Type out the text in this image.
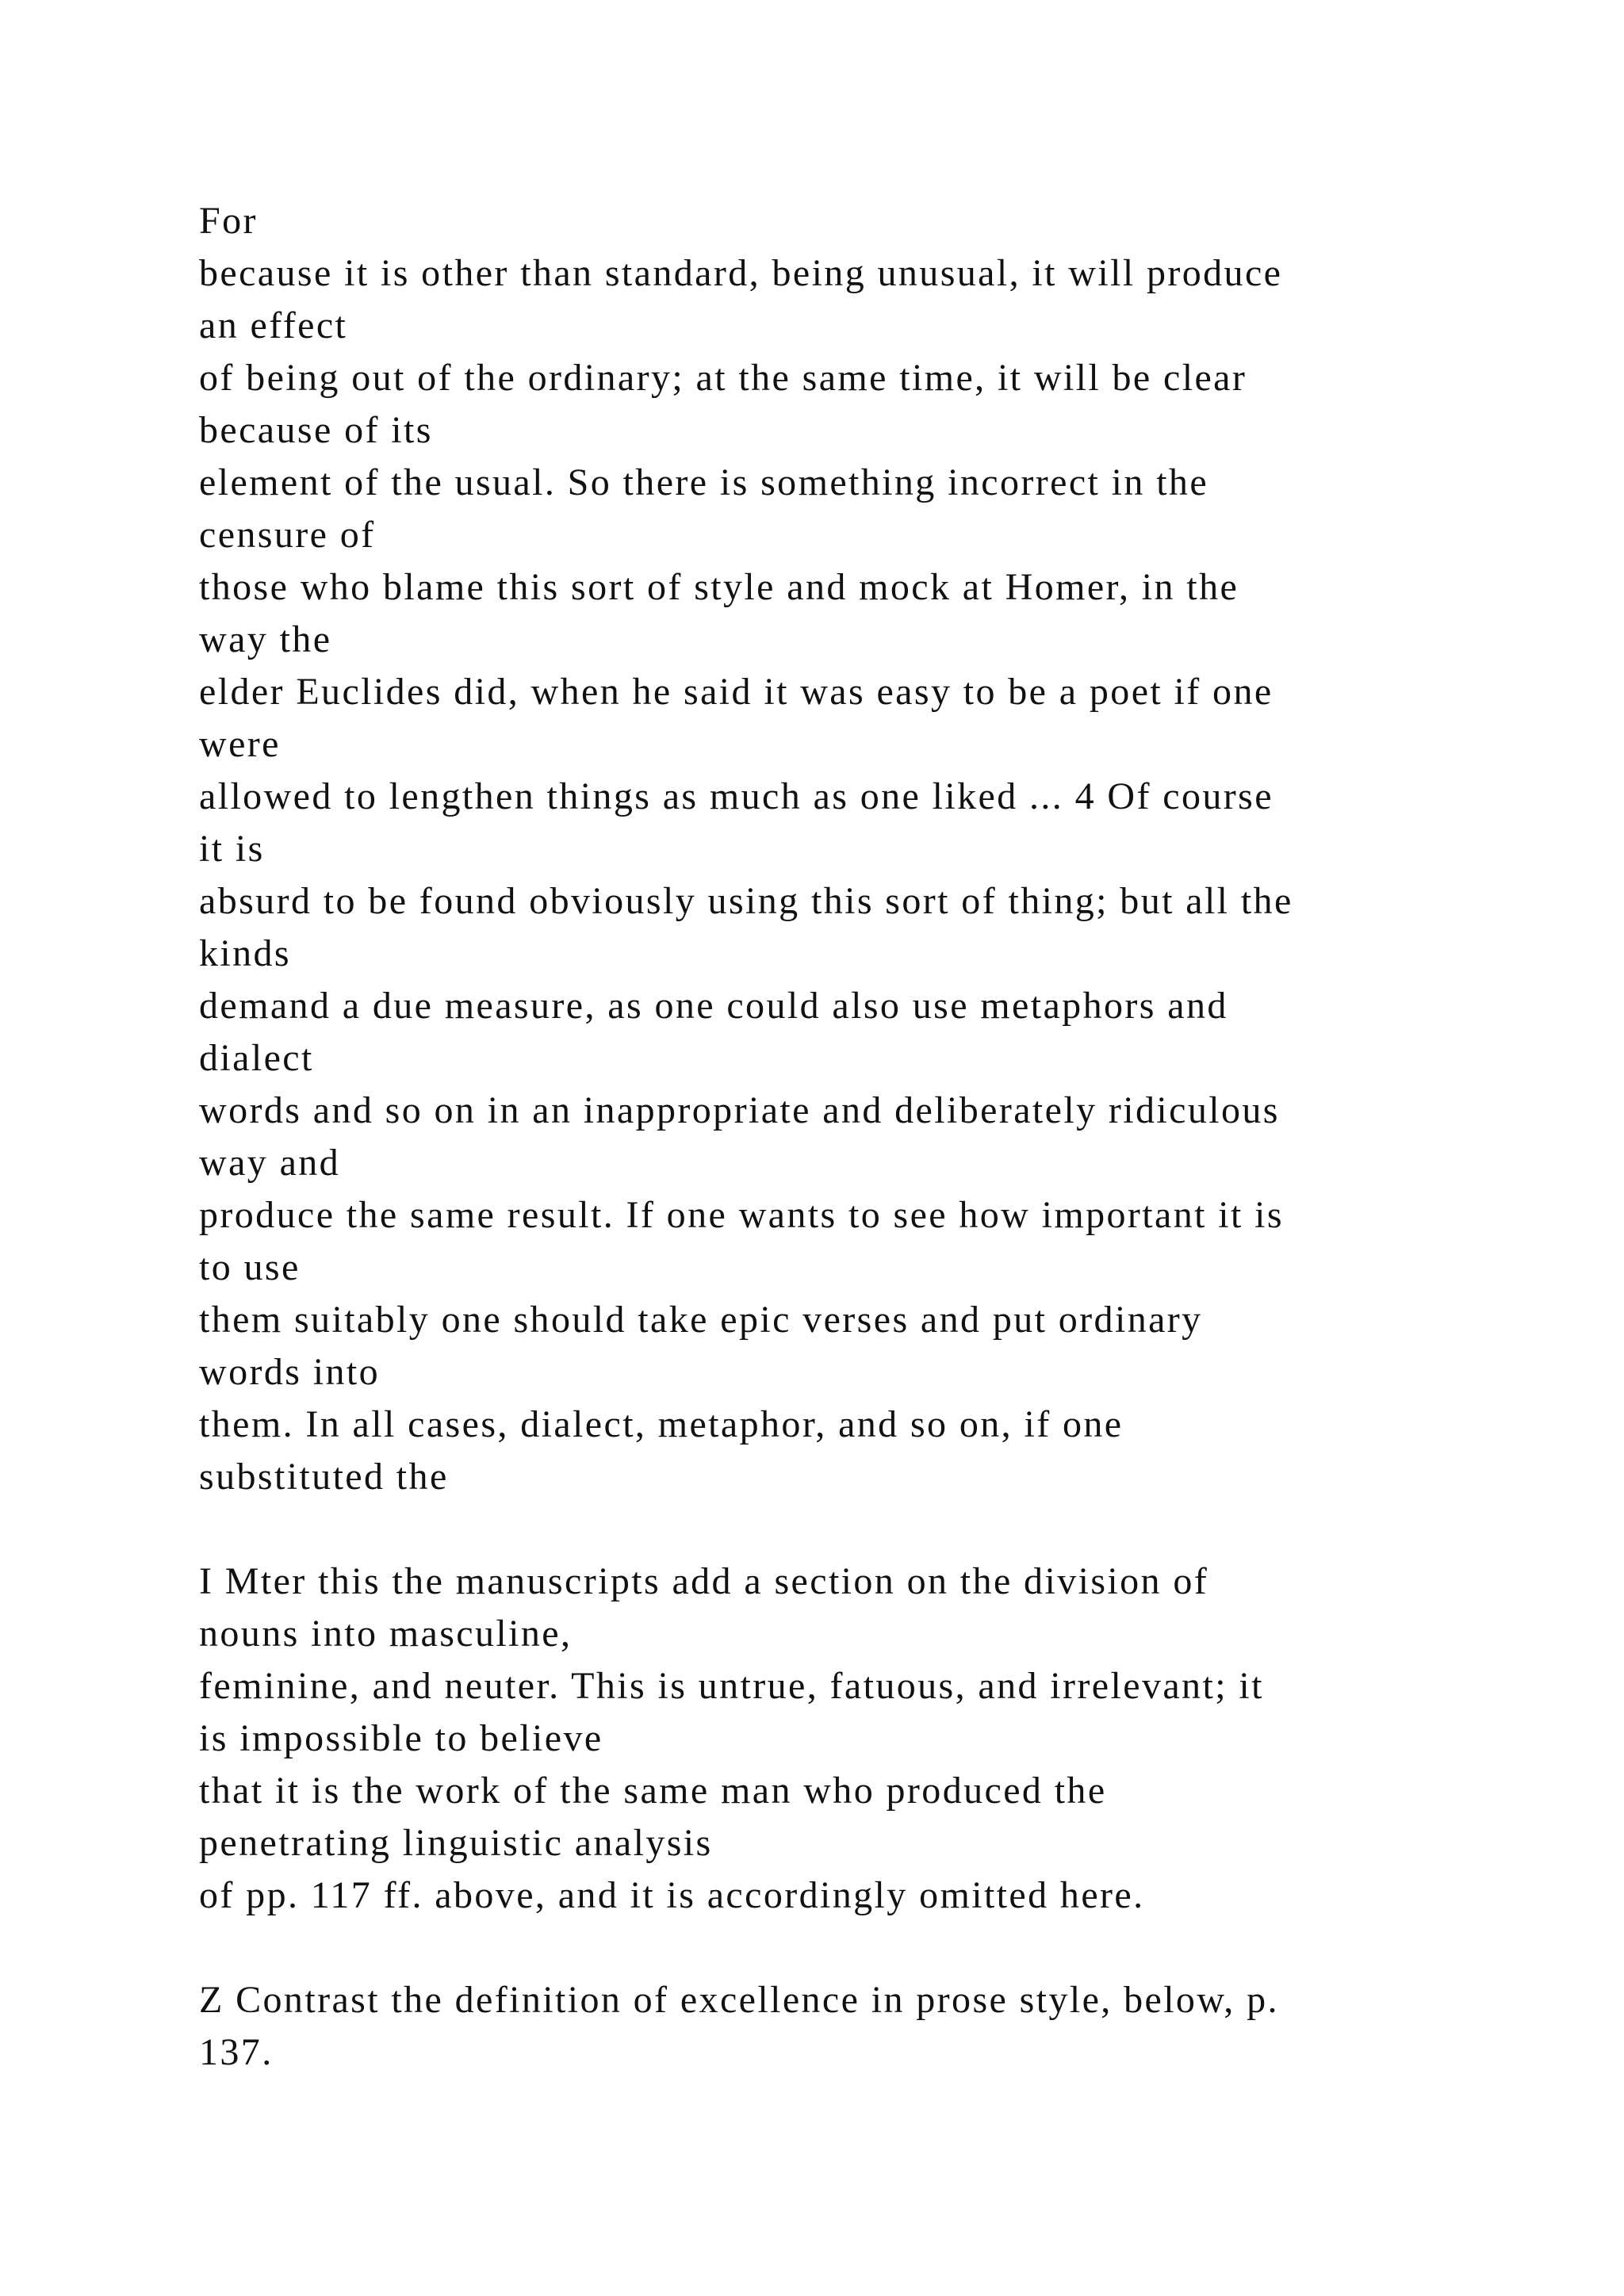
For
because it is other than standard, being unusual, it will produce
an effect
of being out of the ordinary; at the same time, it will be clear
because of its
element of the usual. So there is something incorrect in the
censure of
those who blame this sort of style and mock at Homer, in the
way the
elder Euclides did, when he said it was easy to be a poet if one
were
allowed to lengthen things as much as one liked ... 4 Of course
it is
absurd to be found obviously using this sort of thing; but all the
kinds
demand a due measure, as one could also use metaphors and
dialect
words and so on in an inappropriate and deliberately ridiculous
way and
produce the same result. If one wants to see how important it is
to use
them suitably one should take epic verses and put ordinary
words into
them. In all cases, dialect, metaphor, and so on, if one
substituted the
I Mter this the manuscripts add a section on the division of
nouns into masculine,
feminine, and neuter. This is untrue, fatuous, and irrelevant; it
is impossible to believe
that it is the work of the same man who produced the
penetrating linguistic analysis
of pp. 117 ff. above, and it is accordingly omitted here.
Z Contrast the definition of excellence in prose style, below, p.
137.
